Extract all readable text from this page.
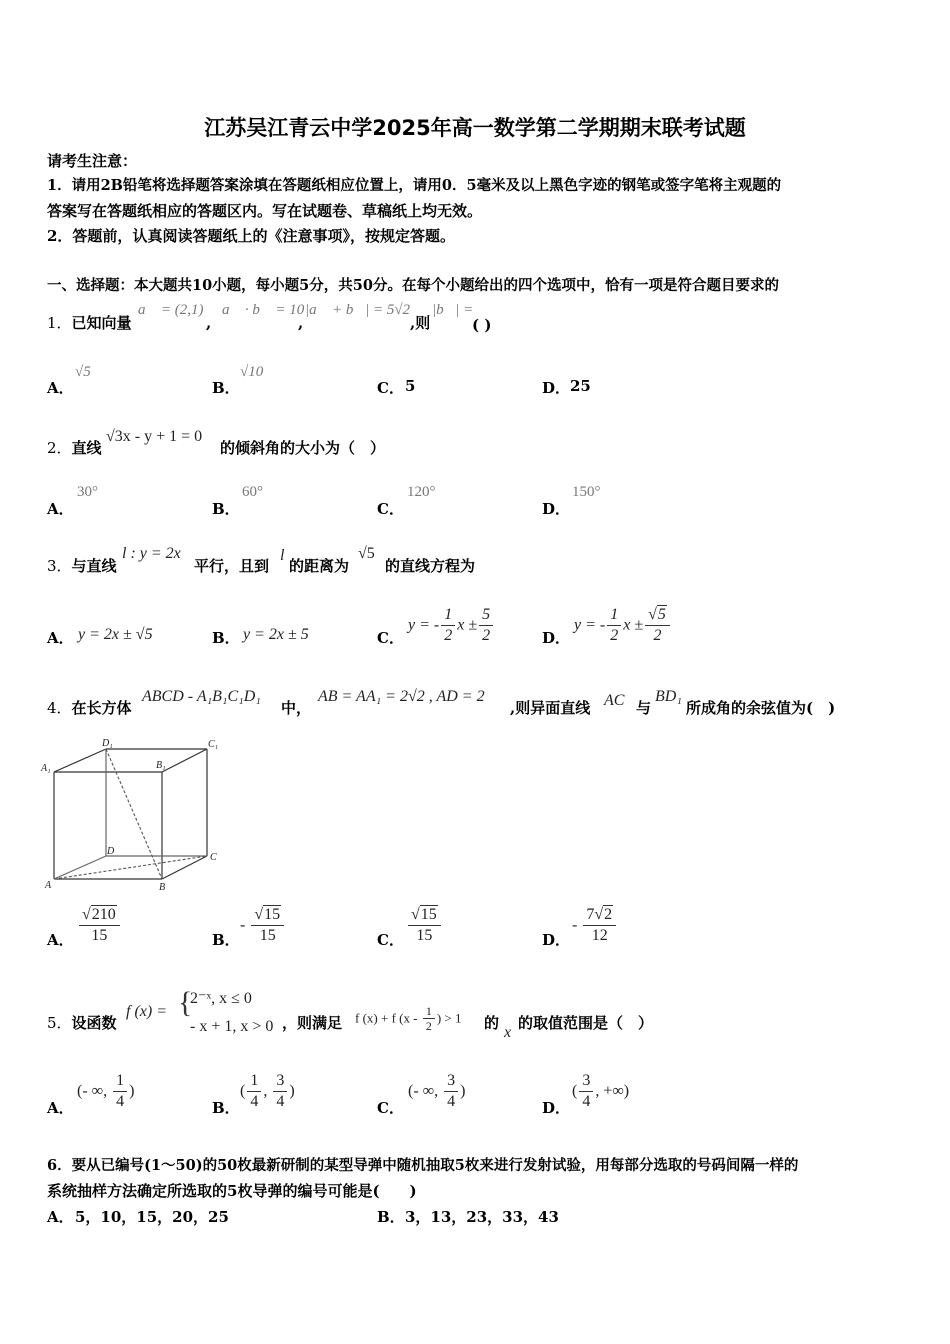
江苏吴江青云中学2025年高一数学第二学期期末联考试题
请考生注意：
1．请用2B铅笔将选择题答案涂填在答题纸相应位置上，请用0．5毫米及以上黑色字迹的钢笔或签字笔将主观题的
答案写在答题纸相应的答题区内。写在试题卷、草稿纸上均无效。
2．答题前，认真阅读答题纸上的《注意事项》，按规定答题。
一、选择题：本大题共10小题，每小题5分，共50分。在每个小题给出的四个选项中，恰有一项是符合题目要求的
1．已知向量
a⃗ = (2,1)
,
a⃗ · b⃗ = 10
,
|a⃗ + b⃗| = 5√2
,则
|b⃗| =
( )
A．
√5
B．
√10
C． 5	D． 25
2．直线
√3x - y + 1 = 0
的倾斜角的大小为（　）
A．
30°
B．
60°
C．
120°
D．
150°
3．与直线
l : y = 2x
平行，且到
l
的距离为
√5
的直线方程为
A． y = 2x ± √5	B． y = 2x ± 5	C．
y = - $\frac{1}{2}$ $x \pm \frac{5}{2}$	D．
y = - $\frac{1}{2}$ $x \pm \frac{√5}{2}$
4．在长方体
ABCD - A₁B₁C₁D₁
中，
AB = AA₁ = 2√2 , AD = 2
,则异面直线 AC 与
BD₁
所成角的余弦值为(　)
D₁	C₁
A₁	B₁
D
C
A	B
A． $\frac{√210}{15}$	B．
- $\frac{√15}{15}$	C． $\frac{√15}{15}$	D．
- $\frac{7√2}{12}$
5．设函数
f (x) = {
2⁻ˣ, x ≤ 0
- x + 1, x > 0 ，则满足 f (x) + f ($x - \frac{1}{2}$ ) > 1 的
x
的取值范围是（　）
A．
(- ∞, $\frac{1}{4}$ )
B．
( $\frac{1}{4}$ , $\frac{3}{4}$ )
C．
(- ∞, $\frac{3}{4}$ )
D．
( $\frac{3}{4}$ , +∞)
6．要从已编号(1～50)的50枚最新研制的某型导弹中随机抽取5枚来进行发射试验，用每部分选取的号码间隔一样的
系统抽样方法确定所选取的5枚导弹的编号可能是(　　)
A． 5，10，15，20，25	B． 3，13，23，33，43
